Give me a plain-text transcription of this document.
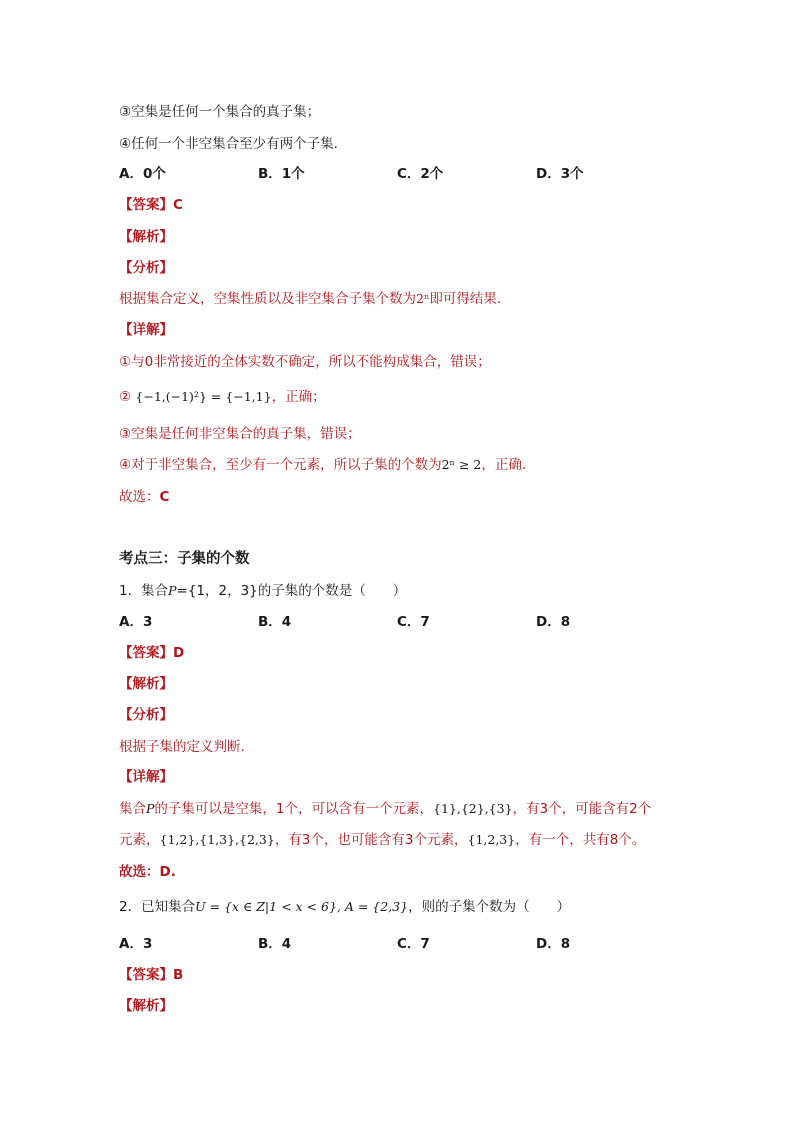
③空集是任何一个集合的真子集；
④任何一个非空集合至少有两个子集.
A．0个	B．1个	C．2个	D．3个
【答案】C
【解析】
【分析】
根据集合定义，空集性质以及非空集合子集个数为2ⁿ即可得结果.
【详解】
①与0非常接近的全体实数不确定，所以不能构成集合，错误；
② {−1,(−1)²} = {−1,1}，正确；
③空集是任何非空集合的真子集，错误；
④对于非空集合，至少有一个元素，所以子集的个数为2ⁿ ≥ 2，正确.
故选：C
考点三：子集的个数
1．集合P={1，2，3}的子集的个数是（　　）
A．3	B．4	C．7	D．8
【答案】D
【解析】
【分析】
根据子集的定义判断.
【详解】
集合P的子集可以是空集，1个，可以含有一个元素，{1},{2},{3}，有3个，可能含有2个
元素，{1,2},{1,3},{2,3}，有3个，也可能含有3个元素，{1,2,3}，有一个，共有8个。
故选：D.
2．已知集合U = {x ∈ Z|1 < x < 6}, A = {2,3}，则的子集个数为（　　）
A．3	B．4	C．7	D．8
【答案】B
【解析】
